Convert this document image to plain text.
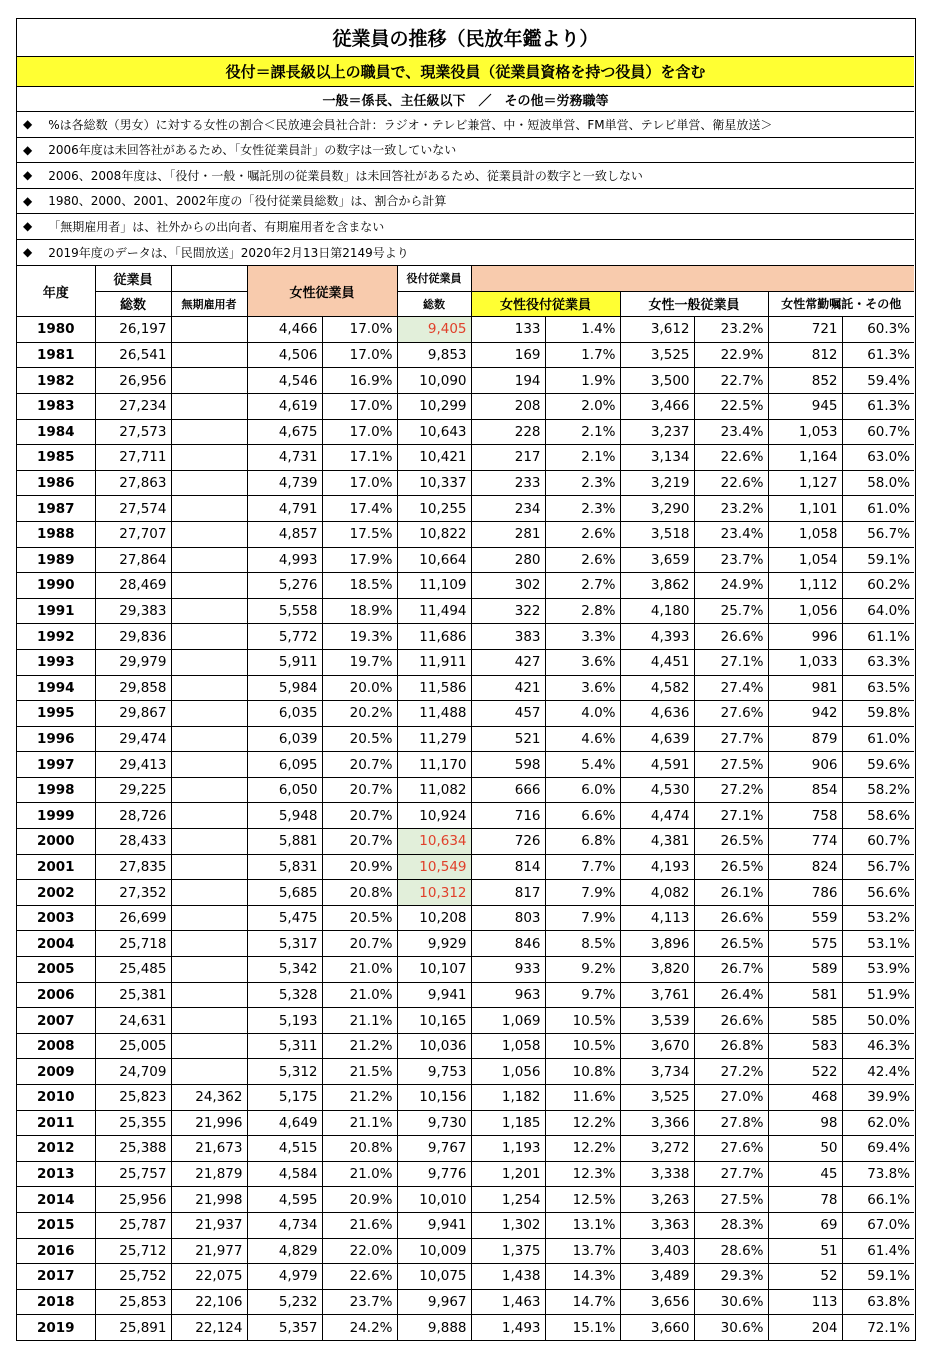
従業員の推移（民放年鑑より）
役付＝課長級以上の職員で、現業役員（従業員資格を持つ役員）を含む
一般＝係長、主任級以下　／　その他＝労務職等
◆ %は各総数（男女）に対する女性の割合＜民放連会員社合計：ラジオ・テレビ兼営、中・短波単営、FM単営、テレビ単営、衛星放送＞
◆ 2006年度は未回答社があるため、「女性従業員計」の数字は一致していない
◆ 2006、2008年度は、「役付・一般・嘱託別の従業員数」は未回答社があるため、従業員計の数字と一致しない
◆ 1980、2000、2001、2002年度の「役付従業員総数」は、割合から計算
◆ 「無期雇用者」は、社外からの出向者、有期雇用者を含まない
◆ 2019年度のデータは、「民間放送」2020年2月13日第2149号より
年度	従業員		女性従業員		役付従業員						
	総数	無期雇用者			総数	女性役付従業員		女性一般従業員		女性常勤嘱託・その他	
1980	26,197		4,466	17.0%	9,405	133	1.4%	3,612	23.2%	721	60.3%
1981	26,541		4,506	17.0%	9,853	169	1.7%	3,525	22.9%	812	61.3%
1982	26,956		4,546	16.9%	10,090	194	1.9%	3,500	22.7%	852	59.4%
1983	27,234		4,619	17.0%	10,299	208	2.0%	3,466	22.5%	945	61.3%
1984	27,573		4,675	17.0%	10,643	228	2.1%	3,237	23.4%	1,053	60.7%
1985	27,711		4,731	17.1%	10,421	217	2.1%	3,134	22.6%	1,164	63.0%
1986	27,863		4,739	17.0%	10,337	233	2.3%	3,219	22.6%	1,127	58.0%
1987	27,574		4,791	17.4%	10,255	234	2.3%	3,290	23.2%	1,101	61.0%
1988	27,707		4,857	17.5%	10,822	281	2.6%	3,518	23.4%	1,058	56.7%
1989	27,864		4,993	17.9%	10,664	280	2.6%	3,659	23.7%	1,054	59.1%
1990	28,469		5,276	18.5%	11,109	302	2.7%	3,862	24.9%	1,112	60.2%
1991	29,383		5,558	18.9%	11,494	322	2.8%	4,180	25.7%	1,056	64.0%
1992	29,836		5,772	19.3%	11,686	383	3.3%	4,393	26.6%	996	61.1%
1993	29,979		5,911	19.7%	11,911	427	3.6%	4,451	27.1%	1,033	63.3%
1994	29,858		5,984	20.0%	11,586	421	3.6%	4,582	27.4%	981	63.5%
1995	29,867		6,035	20.2%	11,488	457	4.0%	4,636	27.6%	942	59.8%
1996	29,474		6,039	20.5%	11,279	521	4.6%	4,639	27.7%	879	61.0%
1997	29,413		6,095	20.7%	11,170	598	5.4%	4,591	27.5%	906	59.6%
1998	29,225		6,050	20.7%	11,082	666	6.0%	4,530	27.2%	854	58.2%
1999	28,726		5,948	20.7%	10,924	716	6.6%	4,474	27.1%	758	58.6%
2000	28,433		5,881	20.7%	10,634	726	6.8%	4,381	26.5%	774	60.7%
2001	27,835		5,831	20.9%	10,549	814	7.7%	4,193	26.5%	824	56.7%
2002	27,352		5,685	20.8%	10,312	817	7.9%	4,082	26.1%	786	56.6%
2003	26,699		5,475	20.5%	10,208	803	7.9%	4,113	26.6%	559	53.2%
2004	25,718		5,317	20.7%	9,929	846	8.5%	3,896	26.5%	575	53.1%
2005	25,485		5,342	21.0%	10,107	933	9.2%	3,820	26.7%	589	53.9%
2006	25,381		5,328	21.0%	9,941	963	9.7%	3,761	26.4%	581	51.9%
2007	24,631		5,193	21.1%	10,165	1,069	10.5%	3,539	26.6%	585	50.0%
2008	25,005		5,311	21.2%	10,036	1,058	10.5%	3,670	26.8%	583	46.3%
2009	24,709		5,312	21.5%	9,753	1,056	10.8%	3,734	27.2%	522	42.4%
2010	25,823	24,362	5,175	21.2%	10,156	1,182	11.6%	3,525	27.0%	468	39.9%
2011	25,355	21,996	4,649	21.1%	9,730	1,185	12.2%	3,366	27.8%	98	62.0%
2012	25,388	21,673	4,515	20.8%	9,767	1,193	12.2%	3,272	27.6%	50	69.4%
2013	25,757	21,879	4,584	21.0%	9,776	1,201	12.3%	3,338	27.7%	45	73.8%
2014	25,956	21,998	4,595	20.9%	10,010	1,254	12.5%	3,263	27.5%	78	66.1%
2015	25,787	21,937	4,734	21.6%	9,941	1,302	13.1%	3,363	28.3%	69	67.0%
2016	25,712	21,977	4,829	22.0%	10,009	1,375	13.7%	3,403	28.6%	51	61.4%
2017	25,752	22,075	4,979	22.6%	10,075	1,438	14.3%	3,489	29.3%	52	59.1%
2018	25,853	22,106	5,232	23.7%	9,967	1,463	14.7%	3,656	30.6%	113	63.8%
2019	25,891	22,124	5,357	24.2%	9,888	1,493	15.1%	3,660	30.6%	204	72.1%
